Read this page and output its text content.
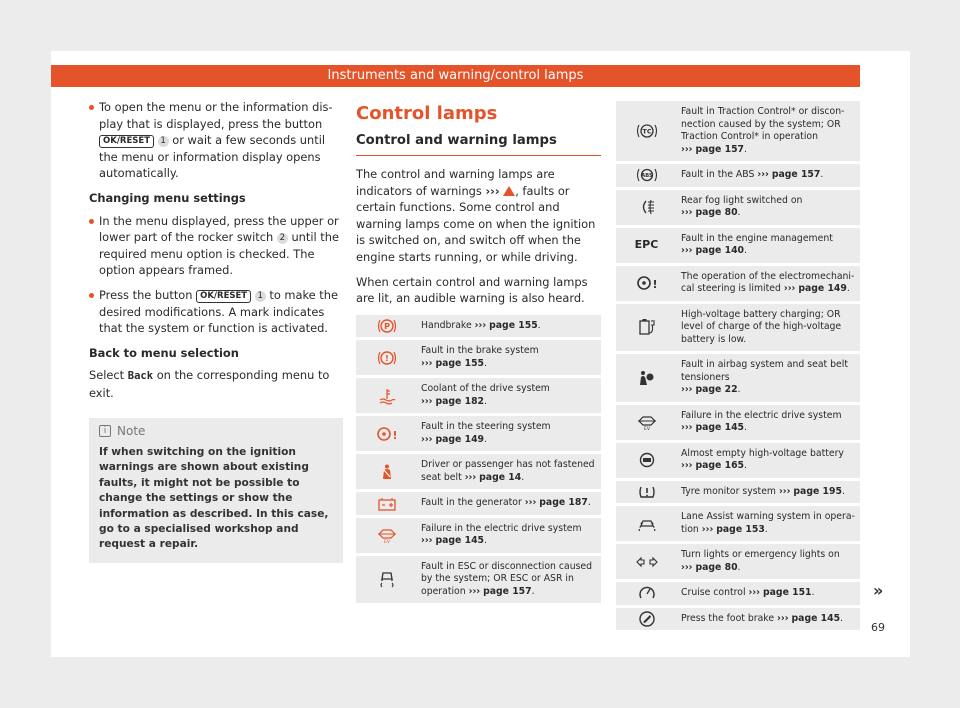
Instruments and warning/control lamps
To open the menu or the information display that is displayed, press the button OK/RESET 1 or wait a few seconds until the menu or information display opens automatically.
Changing menu settings
In the menu displayed, press the upper or lower part of the rocker switch 2 until the required menu option is checked. The option appears framed.
Press the button OK/RESET 1 to make the desired modifications. A mark indicates that the system or function is activated.
Back to menu selection
Select Back on the corresponding menu to exit.
i Note
If when switching on the ignition warnings are shown about existing faults, it might not be possible to change the settings or show the information as described. In this case, go to a specialised workshop and request a repair.
Control lamps
Control and warning lamps

The control and warning lamps are indicators of warnings ››› , faults or certain functions. Some control and warning lamps come on when the ignition is switched on, and switch off when the engine starts running, or while driving.

When certain control and warning lamps are lit, an audible warning is also heard.

P	Handbrake ››› page 155.

!	Fault in the brake system
››› page 155.

	Coolant of the drive system
››› page 182.

!	Fault in the steering system
››› page 149.

	Driver or passenger has not fastened seat belt ››› page 14.

	Fault in the generator ››› page 187.

EV	Failure in the electric drive system
››› page 145.

	Fault in ESC or disconnection caused by the system; OR ESC or ASR in operation ››› page 157.
TC	Fault in Traction Control* or disconnection caused by the system; OR Traction Control* in operation
››› page 157.

ABS	Fault in the ABS ››› page 157.

	Rear fog light switched on
››› page 80.
EPC	Fault in the engine management
››› page 140.

!	The operation of the electromechanical steering is limited ››› page 149.

	High-voltage battery charging; OR level of charge of the high-voltage battery is low.

	Fault in airbag system and seat belt tensioners
››› page 22.

EV	Failure in the electric drive system
››› page 145.

	Almost empty high-voltage battery
››› page 165.

	Tyre monitor system ››› page 195.

	Lane Assist warning system in operation ››› page 153.

	Turn lights or emergency lights on
››› page 80.

	Cruise control ››› page 151.

	Press the foot brake ››› page 145.
»
69
